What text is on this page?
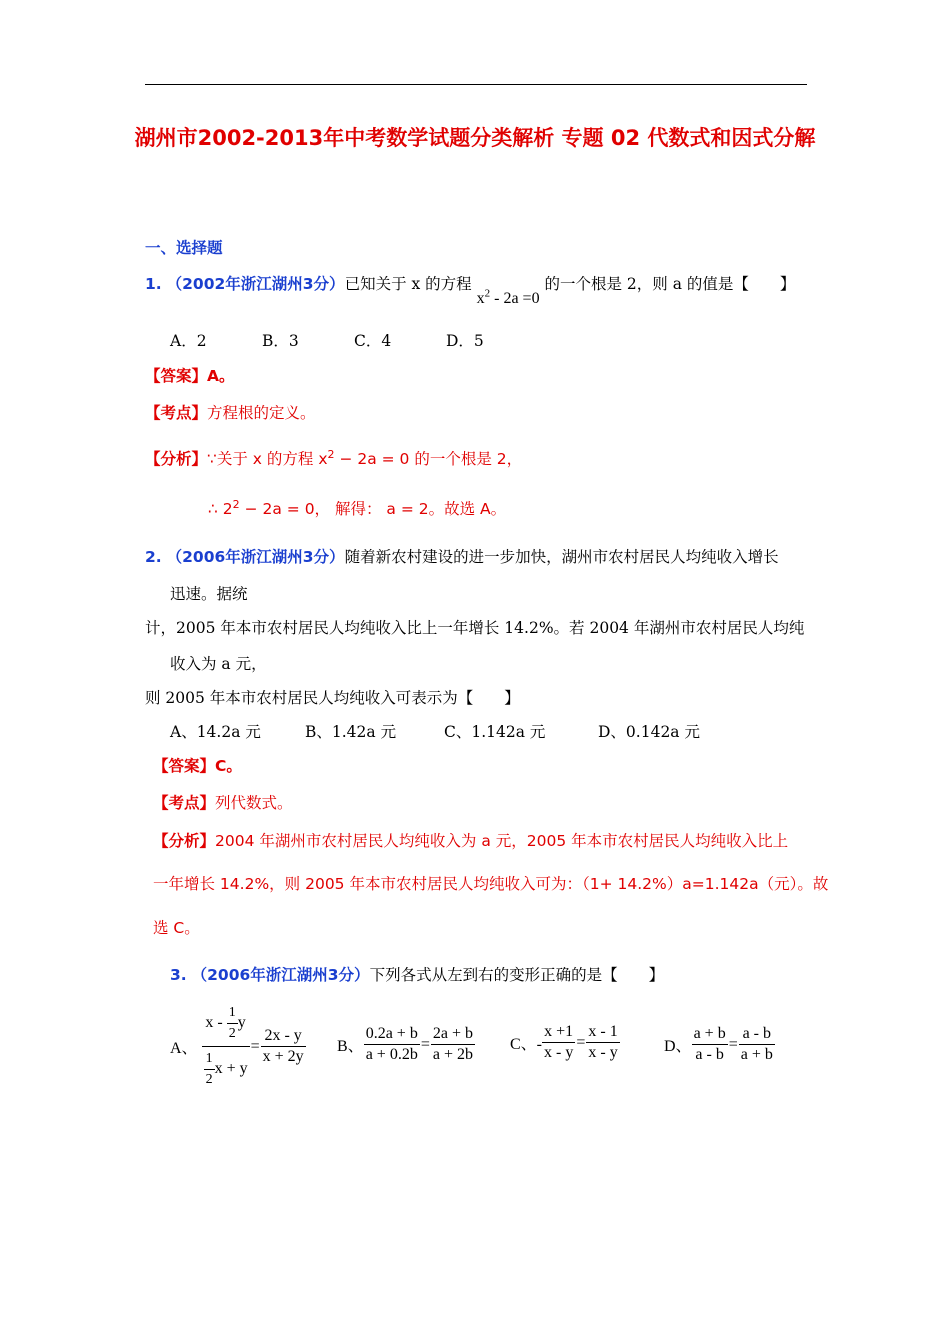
湖州市2002-2013年中考数学试题分类解析 专题 02 代数式和因式分解
一、选择题
1. （2002年浙江湖州3分）已知关于 x 的方程 $x^2 - 2a =0$ 的一个根是 2，则 a 的值是【　　】
A．2	B．3	C．4	D．5
【答案】A。
【考点】方程根的定义。
【分析】∵关于 x 的方程 $x^2 - 2a = 0$ 的一个根是 2，
∴ $2^2 - 2a = 0$， 解得： a = 2。故选 A。
2. （2006年浙江湖州3分）随着新农村建设的进一步加快，湖州市农村居民人均纯收入增长
迅速。据统
计，2005 年本市农村居民人均纯收入比上一年增长 14.2%。若 2004 年湖州市农村居民人均纯
收入为 a 元，
则 2005 年本市农村居民人均纯收入可表示为【　　】
A、14.2a 元	B、1.42a 元	C、1.142a 元	D、0.142a 元
【答案】C。
【考点】列代数式。
【分析】2004 年湖州市农村居民人均纯收入为 a 元，2005 年本市农村居民人均纯收入比上
一年增长 14.2%，则 2005 年本市农村居民人均纯收入可为：（1+ 14.2%）a=1.142a（元）。故
选 C。
3. （2006年浙江湖州3分）下列各式从左到右的变形正确的是【　　】
A、 $\frac{x - \frac{1}{2} y}{\frac{1}{2} x + y} = \frac{2x - y}{x + 2y}$ B、 $\frac{0.2a + b}{a + 0.2b} = \frac{2a + b}{a + 2b}$ C、- $\frac{x +1}{x - y} = \frac{x - 1}{x - y}$	D、 $\frac{a + b}{a - b} = \frac{a - b}{a + b}$
